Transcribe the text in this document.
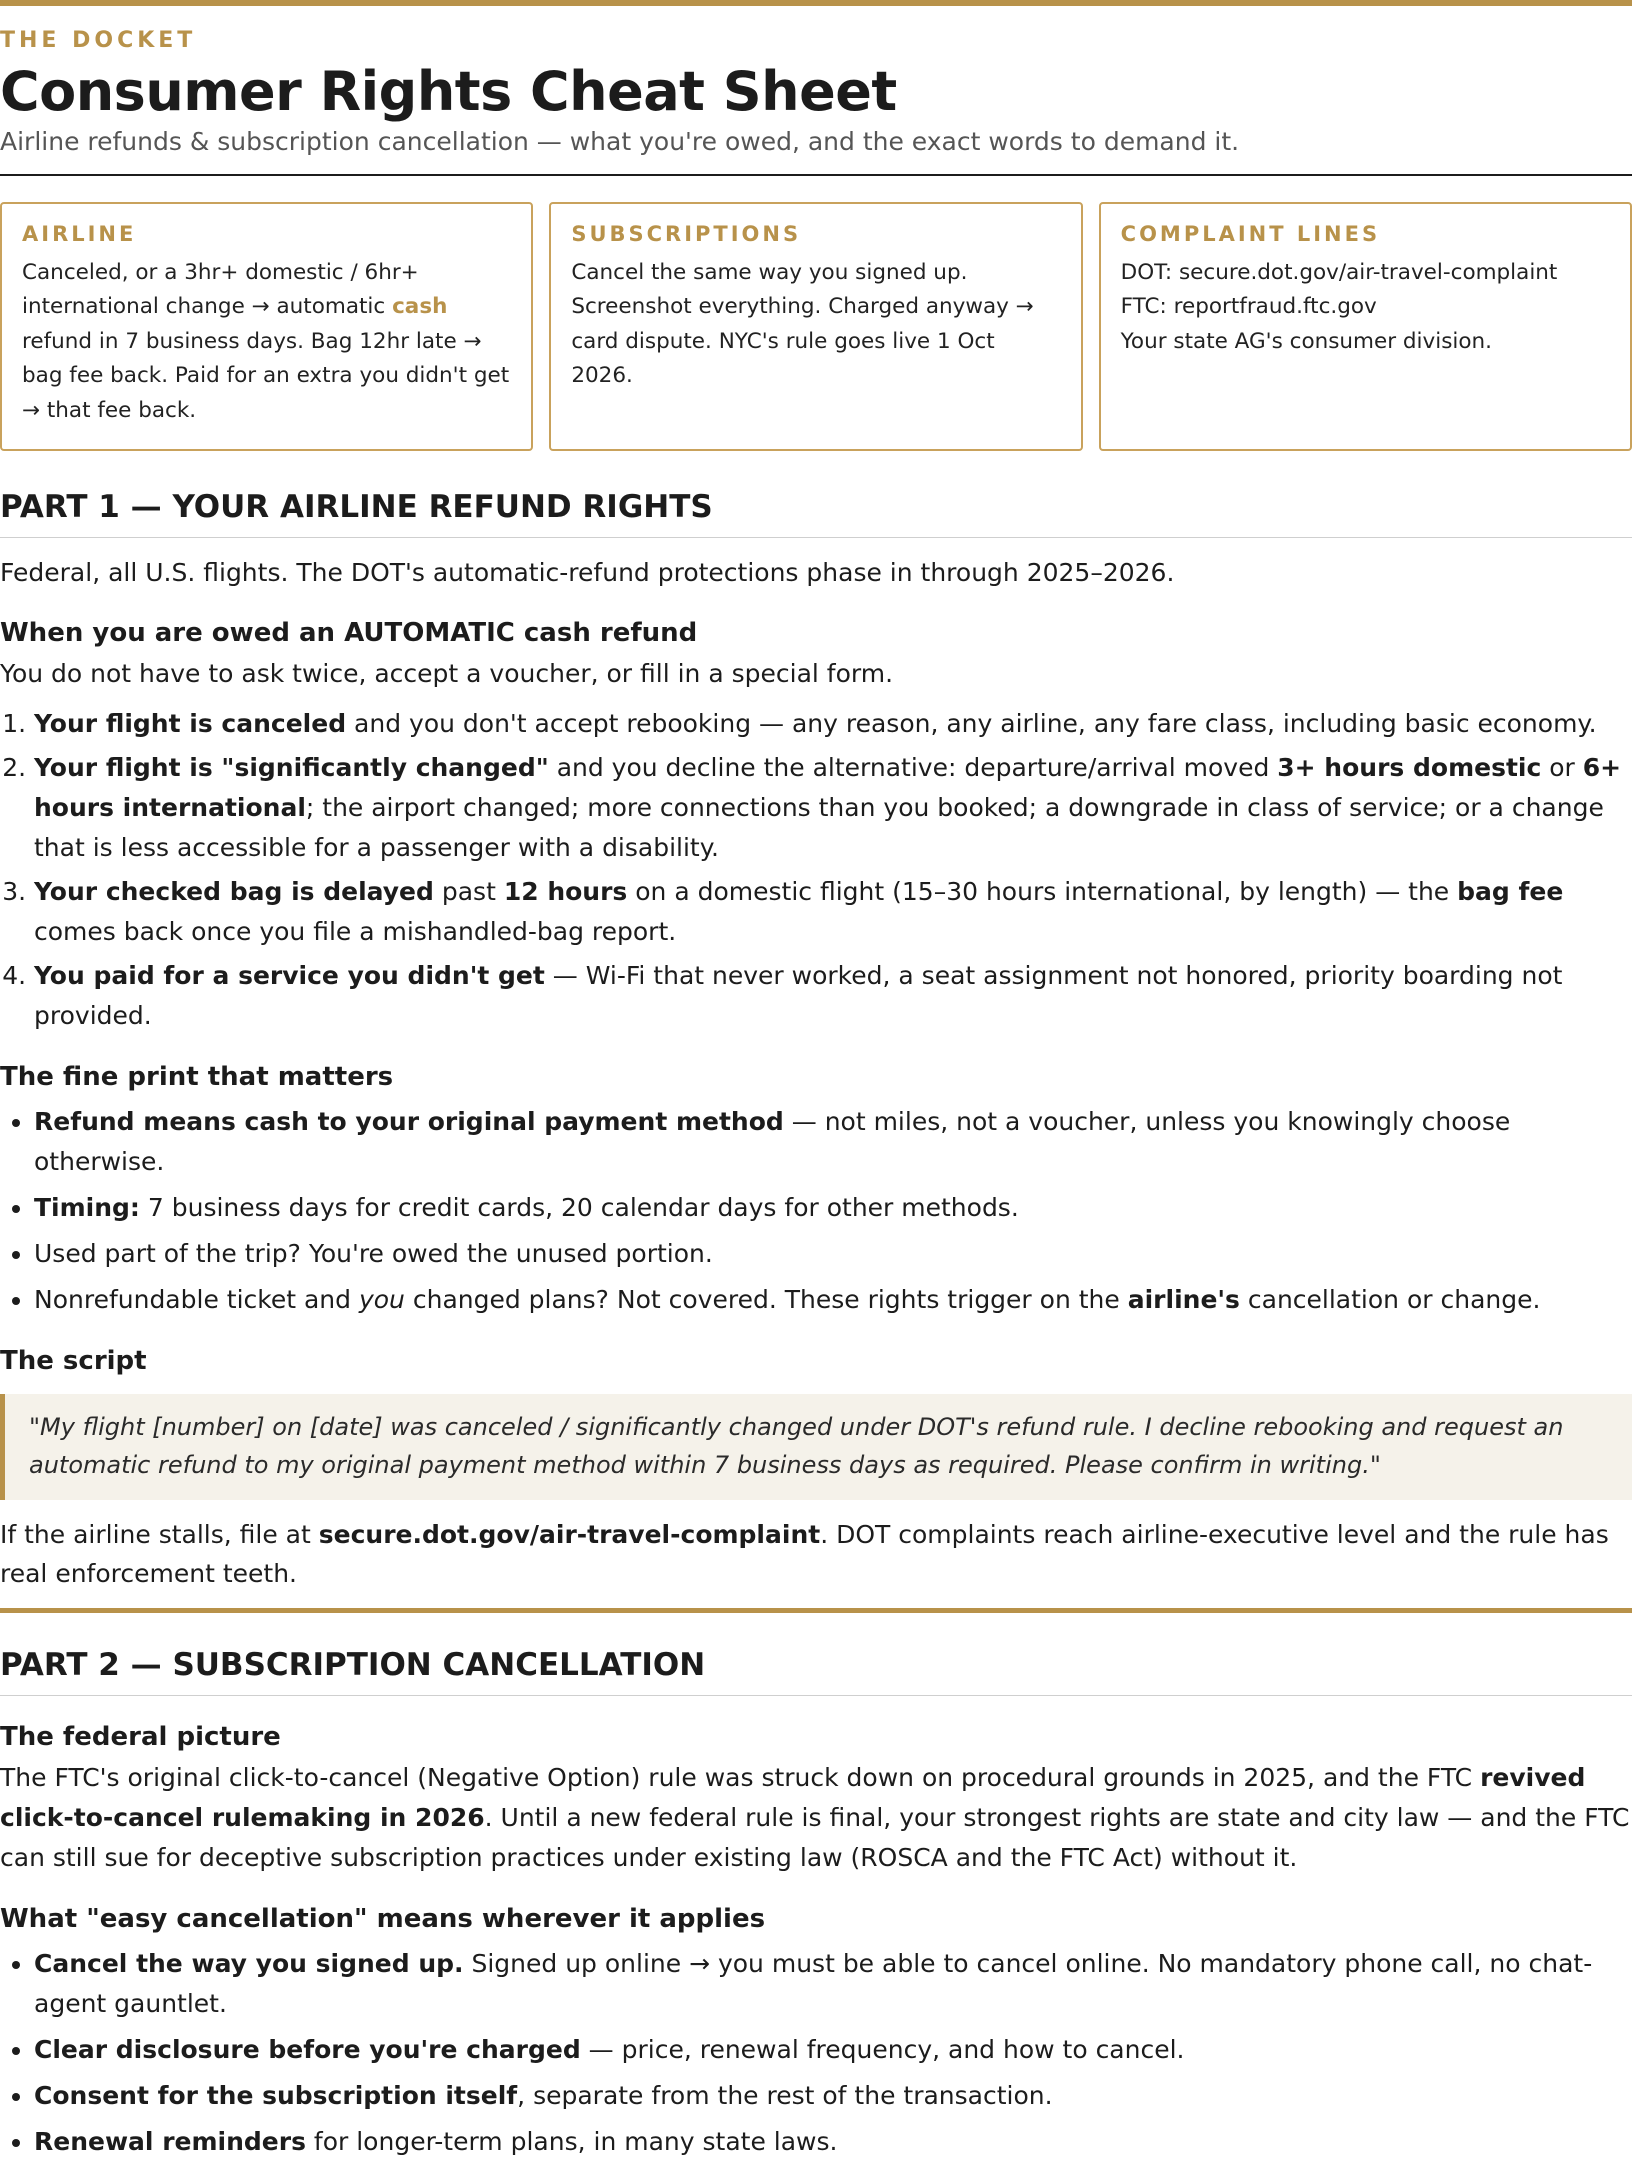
THE DOCKET
Consumer Rights Cheat Sheet
Airline refunds & subscription cancellation — what you're owed, and the exact words to demand it.
AIRLINE
Canceled, or a 3hr+ domestic / 6hr+ international change → automatic cash refund in 7 business days. Bag 12hr late → bag fee back. Paid for an extra you didn't get → that fee back.
SUBSCRIPTIONS
Cancel the same way you signed up. Screenshot everything. Charged anyway → card dispute. NYC's rule goes live 1 Oct 2026.
COMPLAINT LINES
DOT: secure.dot.gov/air-travel-complaint
FTC: reportfraud.ftc.gov
Your state AG's consumer division.
PART 1 — YOUR AIRLINE REFUND RIGHTS
Federal, all U.S. flights. The DOT's automatic-refund protections phase in through 2025–2026.
When you are owed an AUTOMATIC cash refund
You do not have to ask twice, accept a voucher, or fill in a special form.
1. Your flight is canceled and you don't accept rebooking — any reason, any airline, any fare class, including basic economy.
2. Your flight is "significantly changed" and you decline the alternative: departure/arrival moved 3+ hours domestic or 6+ hours international; the airport changed; more connections than you booked; a downgrade in class of service; or a change that is less accessible for a passenger with a disability.
3. Your checked bag is delayed past 12 hours on a domestic flight (15–30 hours international, by length) — the bag fee comes back once you file a mishandled-bag report.
4. You paid for a service you didn't get — Wi-Fi that never worked, a seat assignment not honored, priority boarding not provided.
The fine print that matters
• Refund means cash to your original payment method — not miles, not a voucher, unless you knowingly choose otherwise.
• Timing: 7 business days for credit cards, 20 calendar days for other methods.
• Used part of the trip? You're owed the unused portion.
• Nonrefundable ticket and you changed plans? Not covered. These rights trigger on the airline's cancellation or change.
The script
"My flight [number] on [date] was canceled / significantly changed under DOT's refund rule. I decline rebooking and request an automatic refund to my original payment method within 7 business days as required. Please confirm in writing."
If the airline stalls, file at secure.dot.gov/air-travel-complaint. DOT complaints reach airline-executive level and the rule has real enforcement teeth.
PART 2 — SUBSCRIPTION CANCELLATION
The federal picture
The FTC's original click-to-cancel (Negative Option) rule was struck down on procedural grounds in 2025, and the FTC revived click-to-cancel rulemaking in 2026. Until a new federal rule is final, your strongest rights are state and city law — and the FTC can still sue for deceptive subscription practices under existing law (ROSCA and the FTC Act) without it.
What "easy cancellation" means wherever it applies
• Cancel the way you signed up. Signed up online → you must be able to cancel online. No mandatory phone call, no chat-agent gauntlet.
• Clear disclosure before you're charged — price, renewal frequency, and how to cancel.
• Consent for the subscription itself, separate from the rest of the transaction.
• Renewal reminders for longer-term plans, in many state laws.
